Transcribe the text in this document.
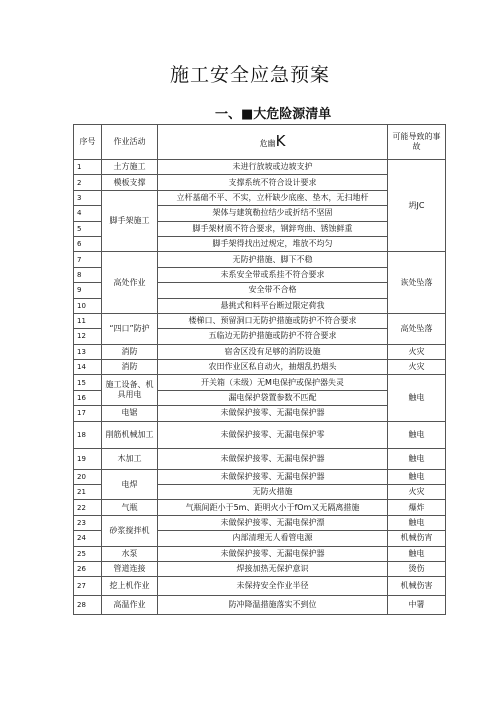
施工安全应急预案
一、■大危险源清单
序号	作业活动	危幽K	可能导致的事故
1	土方施工	未进行放坡或边坡支护	坍JC
2	模板支撑	支撑系统不符合设计要求	
3	脚手架施工	立杆基础不平、不实，立杆缺少底座、垫木，无扫地杆	
4		架体与建筑勒拉结少或折结不坚固	
5		脚手架材质不符合要求，钢鋅弯曲、锈蚀鲜重	
6		脚手架得找出过规定，堆放不均匀	
7	高处作业	无防护措施、脚下不稳	诙处坠落
8		未系安全带或系挂不符合要求	
9		安全带不合格	
10		悬挑式和料平台断过限定荷我	
11	“四口”防护	楼梯口、预留洞口无防护措施或防护不符合要求	高处坠落
12		五临边无防护措施或防护不符合要求	
13	消防	宿舍区没有足够的消防设施	火灾
14	消防	农田作业区私自动火，抽烟乱扔烟头	火灾
15	施工设备、机具用电	开关箱（未级）无M电保护或保护器失灵	触电
16		漏电保护袋置参数不匹配	
17	电锯	未做保护接零、无漏电保护器	
18	削筋机械加工	未做保护接零、无漏电保护零	触电
19	木加工	未做保护接零、无漏电保护器	触电
20	电焊	未做保护接零、无漏电保护器	触电
21		无防火措施	火灾
22	气瓶	气瓶间距小于5m、距明火小于fOm又无隔离措施	爆炸
23	砂浆搅拌机	未做保护接零、无漏电保护漂	触电
24		内部清理无人看管电源	机械伤宵
25	水泵	未做保护接零、无漏电保护器	触电
26	管道连接	焊接加热无保护意识	烫伤
27	挖上机作业	未保持安全作业半径	机械伤害
28	高温作业	防冲降温措施落实不到位	中署
